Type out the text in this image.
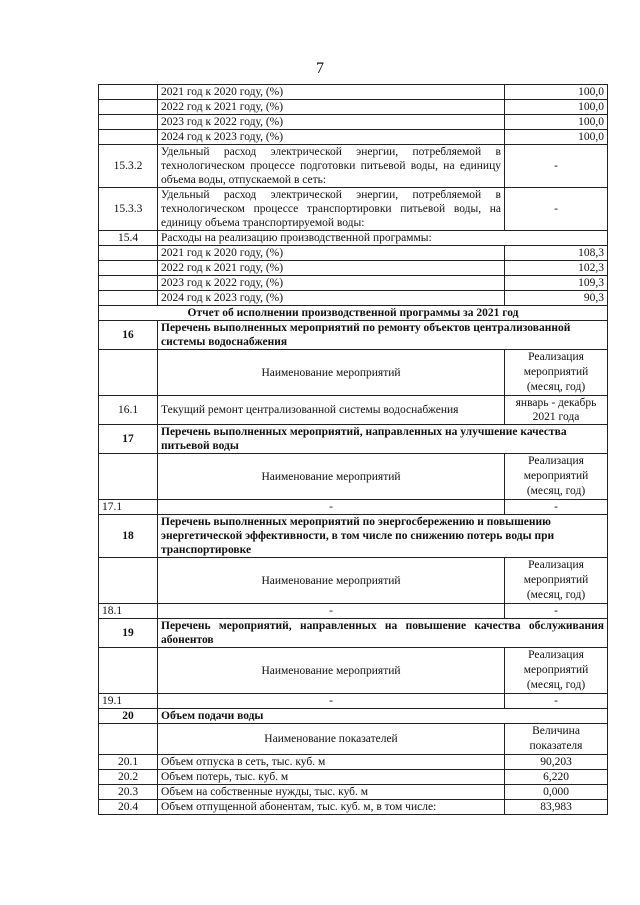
7
	2021 год к 2020 году, (%)	100,0
	2022 год к 2021 году, (%)	100,0
	2023 год к 2022 году, (%)	100,0
	2024 год к 2023 году, (%)	100,0
15.3.2	Удельный расход электрической энергии, потребляемой в технологическом процессе подготовки питьевой воды, на единицу объема воды, отпускаемой в сеть:	-
15.3.3	Удельный расход электрической энергии, потребляемой в технологическом процессе транспортировки питьевой воды, на единицу объема транспортируемой воды:	-
15.4	Расходы на реализацию производственной программы:	
	2021 год к 2020 году, (%)	108,3
	2022 год к 2021 году, (%)	102,3
	2023 год к 2022 году, (%)	109,3
	2024 год к 2023 году, (%)	90,3
Отчет об исполнении производственной программы за 2021 год		
16	Перечень выполненных мероприятий по ремонту объектов централизованной системы водоснабжения	
	Наименование мероприятий	Реализация мероприятий (месяц, год)
16.1	Текущий ремонт централизованной системы водоснабжения	январь - декабрь 2021 года
17	Перечень выполненных мероприятий, направленных на улучшение качества питьевой воды	
	Наименование мероприятий	Реализация мероприятий (месяц, год)
17.1	-	-
18	Перечень выполненных мероприятий по энергосбережению и повышению энергетической эффективности, в том числе по снижению потерь воды при транспортировке	
	Наименование мероприятий	Реализация мероприятий (месяц, год)
18.1	-	-
19	Перечень мероприятий, направленных на повышение качества обслуживания абонентов	
	Наименование мероприятий	Реализация мероприятий (месяц, год)
19.1	-	-
20	Объем подачи воды	
	Наименование показателей	Величина показателя
20.1	Объем отпуска в сеть, тыс. куб. м	90,203
20.2	Объем потерь, тыс. куб. м	6,220
20.3	Объем на собственные нужды, тыс. куб. м	0,000
20.4	Объем отпущенной абонентам, тыс. куб. м, в том числе:	83,983
